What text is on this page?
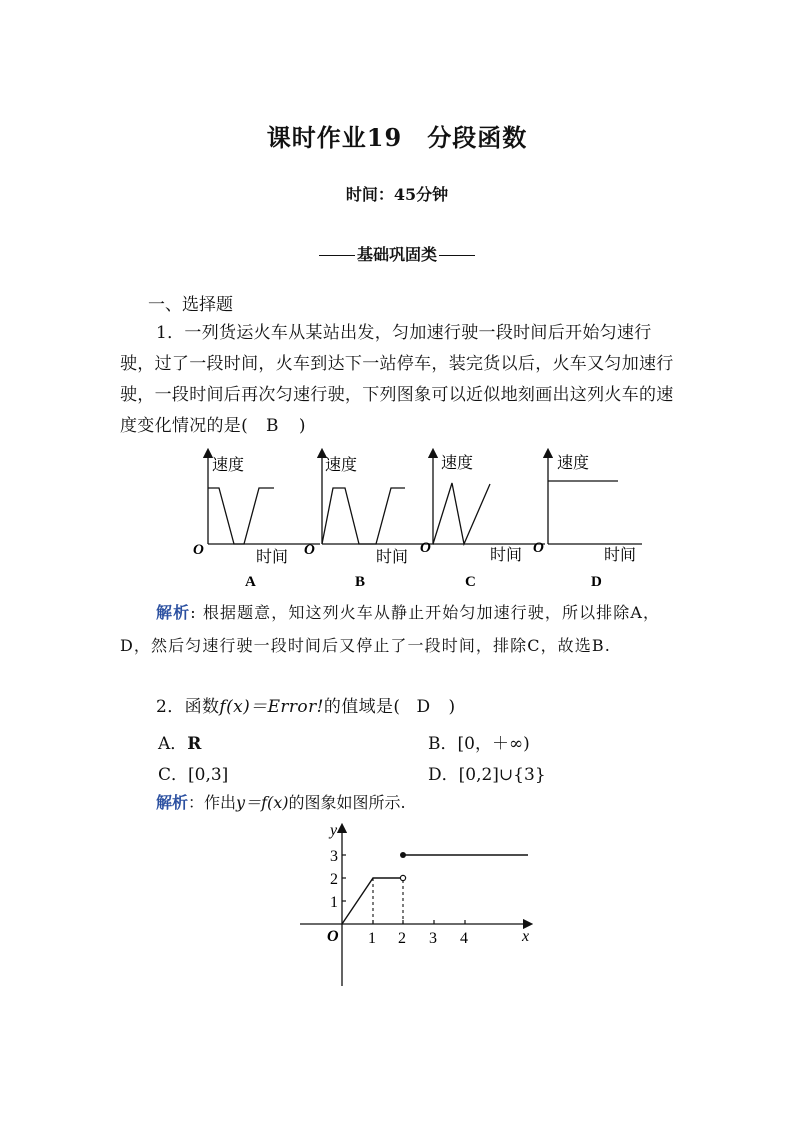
课时作业19　分段函数
时间：45分钟
基础巩固类
一、选择题
1．一列货运火车从某站出发，匀加速行驶一段时间后开始匀速行驶，过了一段时间，火车到达下一站停车，装完货以后，火车又匀加速行驶，一段时间后再次匀速行驶，下列图象可以近似地刻画出这列火车的速度变化情况的是( B )
速度
O	时间
A
速度
O	时间
B
速度
O	时间
C
速度
O	时间
D
解析: 根据题意，知这列火车从静止开始匀加速行驶，所以排除A，D，然后匀速行驶一段时间后又停止了一段时间，排除C，故选B.
2．函数f(x)＝Error!的值域是( D )
A．R	B．[0，＋∞)
C．[0,3]	D．[0,2]∪{3}
解析：作出y＝f(x)的图象如图所示.
y
x
O 1 2 3 4
1
2
3
